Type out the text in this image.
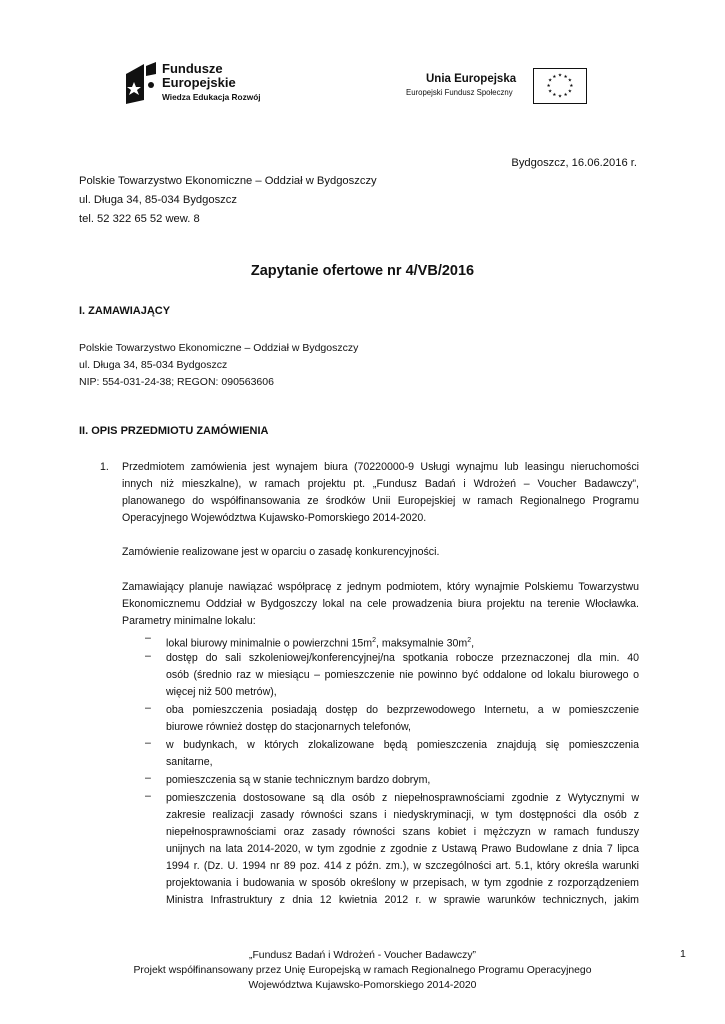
Fundusze
Europejskie
Wiedza Edukacja Rozwój
Unia Europejska
Europejski Fundusz Społeczny
★ ★
★
★
★
★
★
★
★
★
★
★
Bydgoszcz, 16.06.2016 r.
Polskie Towarzystwo Ekonomiczne – Oddział w Bydgoszczy
ul. Długa 34, 85-034 Bydgoszcz
tel. 52 322 65 52 wew. 8
Zapytanie ofertowe nr 4/VB/2016
I. ZAMAWIAJĄCY
Polskie Towarzystwo Ekonomiczne – Oddział w Bydgoszczy
ul. Długa 34, 85-034 Bydgoszcz
NIP: 554-031-24-38; REGON: 090563606
II. OPIS PRZEDMIOTU ZAMÓWIENIA
1. Przedmiotem zamówienia jest wynajem biura (70220000-9 Usługi wynajmu lub leasingu nieruchomości
innych niż mieszkalne), w ramach projektu pt. „Fundusz Badań i Wdrożeń – Voucher Badawczy”,
planowanego do współfinansowania ze środków Unii Europejskiej w ramach Regionalnego Programu
Operacyjnego Województwa Kujawsko-Pomorskiego 2014-2020.
Zamówienie realizowane jest w oparciu o zasadę konkurencyjności.
Zamawiający planuje nawiązać współpracę z jednym podmiotem, który wynajmie Polskiemu Towarzystwu
Ekonomicznemu Oddział w Bydgoszczy lokal na cele prowadzenia biura projektu na terenie Włocławka.
Parametry minimalne lokalu:
– lokal biurowy minimalnie o powierzchni $15m^2$, maksymalnie $30m^2$,
– dostęp do sali szkoleniowej/konferencyjnej/na spotkania robocze przeznaczonej dla min. 40
osób (średnio raz w miesiącu – pomieszczenie nie powinno być oddalone od lokalu biurowego o
więcej niż 500 metrów),
– oba pomieszczenia posiadają dostęp do bezprzewodowego Internetu, a w pomieszczenie
biurowe również dostęp do stacjonarnych telefonów,
– w budynkach, w których zlokalizowane będą pomieszczenia znajdują się pomieszczenia
sanitarne,
– pomieszczenia są w stanie technicznym bardzo dobrym,
– pomieszczenia dostosowane są dla osób z niepełnosprawnościami zgodnie z Wytycznymi w
zakresie realizacji zasady równości szans i niedyskryminacji, w tym dostępności dla osób z
niepełnosprawnościami oraz zasady równości szans kobiet i mężczyzn w ramach funduszy
unijnych na lata 2014-2020, w tym zgodnie z zgodnie z Ustawą Prawo Budowlane z dnia 7 lipca
1994 r. (Dz. U. 1994 nr 89 poz. 414 z późn. zm.), w szczególności art. 5.1, który określa warunki
projektowania i budowania w sposób określony w przepisach, w tym zgodnie z rozporządzeniem
Ministra Infrastruktury z dnia 12 kwietnia 2012 r. w sprawie warunków technicznych, jakim
„Fundusz Badań i Wdrożeń - Voucher Badawczy”
Projekt współfinansowany przez Unię Europejską w ramach Regionalnego Programu Operacyjnego
Województwa Kujawsko-Pomorskiego 2014-2020
1
